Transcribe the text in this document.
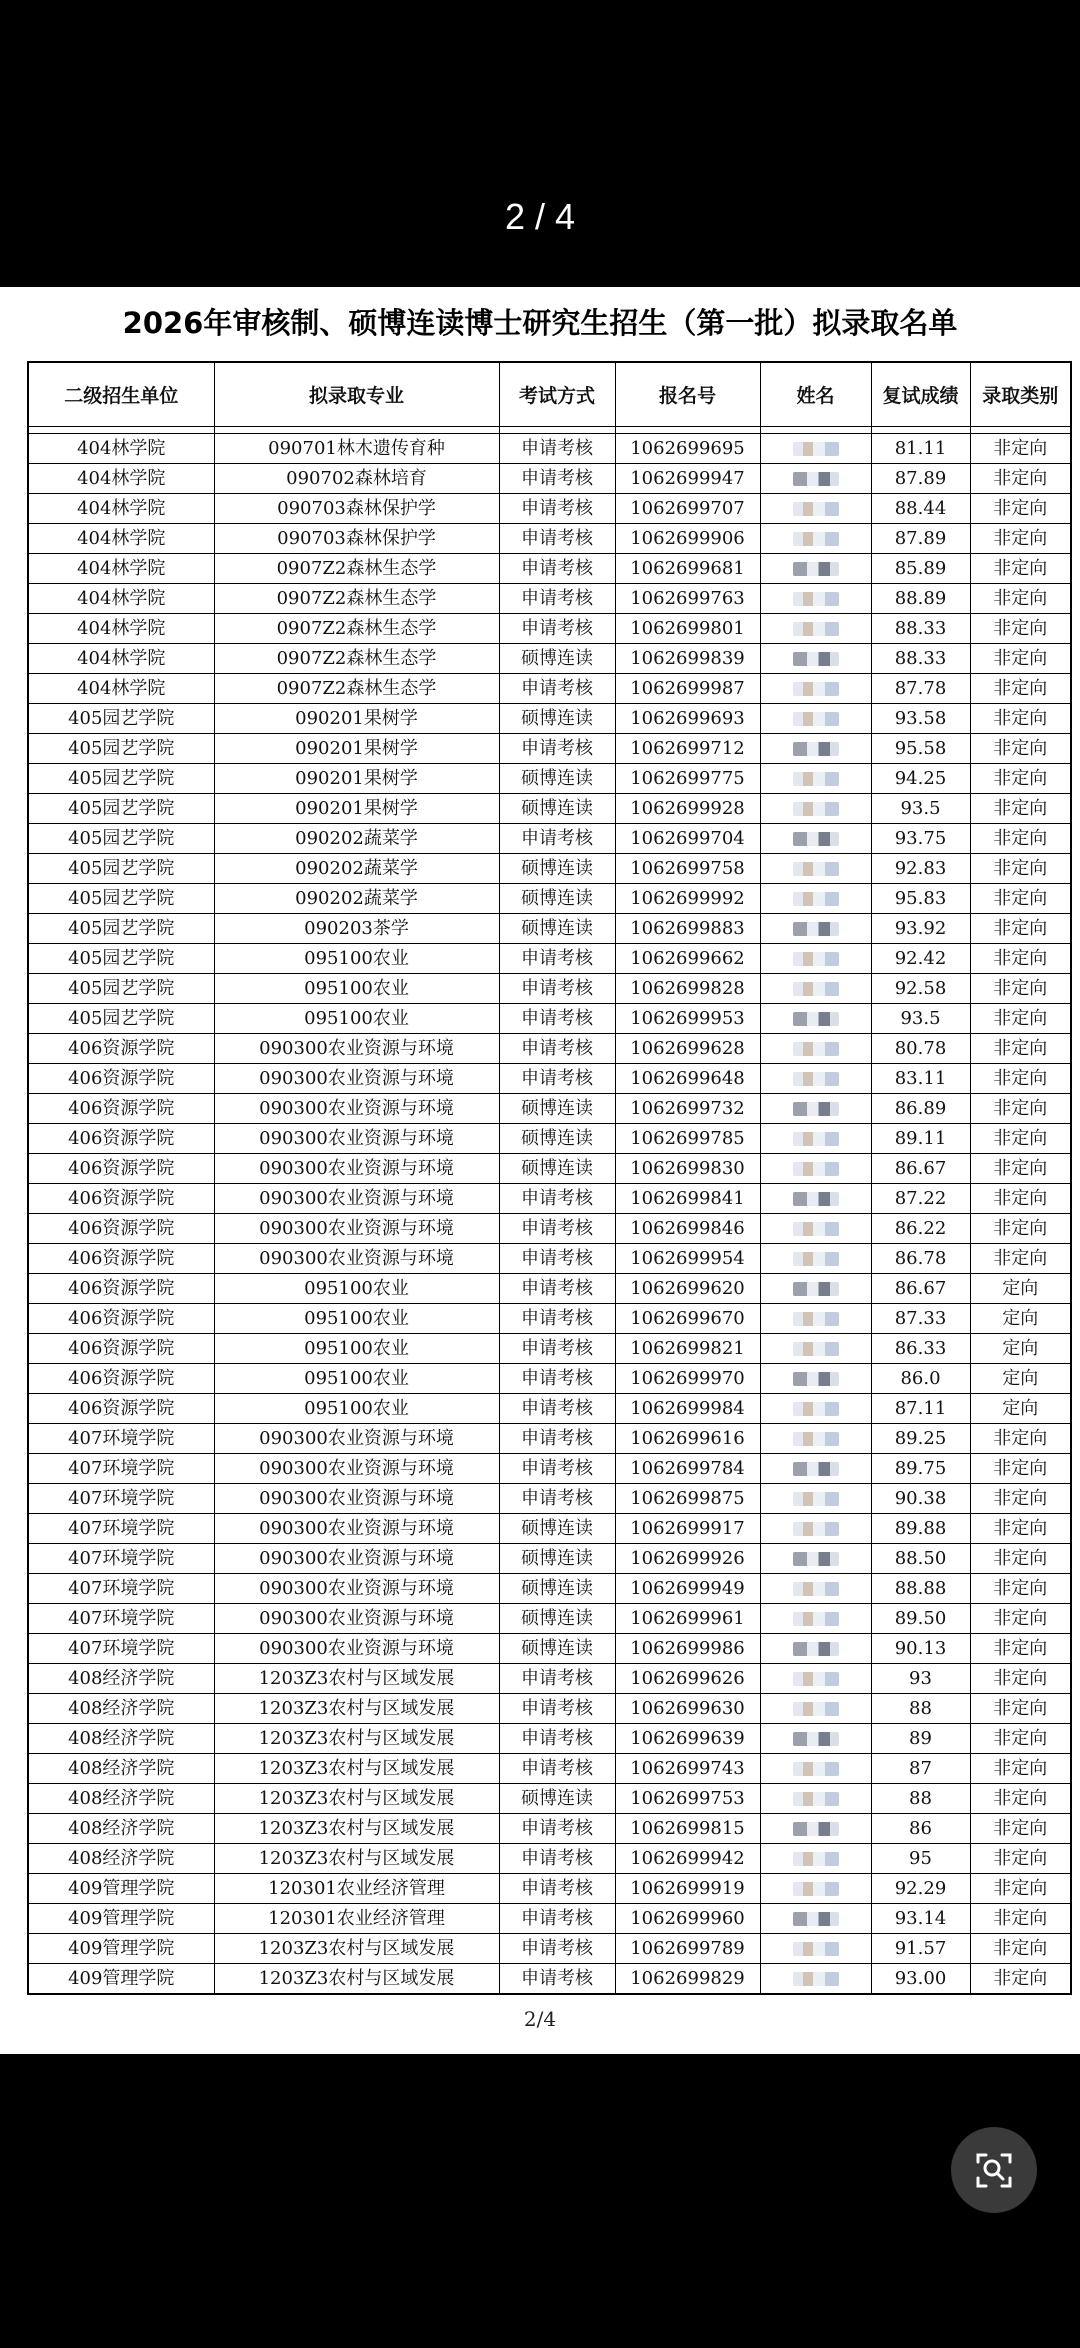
2 / 4
2026年审核制、硕博连读博士研究生招生（第一批）拟录取名单
二级招生单位	拟录取专业	考试方式	报名号	姓名	复试成绩	录取类别

404林学院	090701林木遗传育种	申请考核	1062699695		81.11	非定向
404林学院	090702森林培育	申请考核	1062699947		87.89	非定向
404林学院	090703森林保护学	申请考核	1062699707		88.44	非定向
404林学院	090703森林保护学	申请考核	1062699906		87.89	非定向
404林学院	0907Z2森林生态学	申请考核	1062699681		85.89	非定向
404林学院	0907Z2森林生态学	申请考核	1062699763		88.89	非定向
404林学院	0907Z2森林生态学	申请考核	1062699801		88.33	非定向
404林学院	0907Z2森林生态学	硕博连读	1062699839		88.33	非定向
404林学院	0907Z2森林生态学	申请考核	1062699987		87.78	非定向
405园艺学院	090201果树学	硕博连读	1062699693		93.58	非定向
405园艺学院	090201果树学	申请考核	1062699712		95.58	非定向
405园艺学院	090201果树学	硕博连读	1062699775		94.25	非定向
405园艺学院	090201果树学	硕博连读	1062699928		93.5	非定向
405园艺学院	090202蔬菜学	申请考核	1062699704		93.75	非定向
405园艺学院	090202蔬菜学	硕博连读	1062699758		92.83	非定向
405园艺学院	090202蔬菜学	硕博连读	1062699992		95.83	非定向
405园艺学院	090203茶学	硕博连读	1062699883		93.92	非定向
405园艺学院	095100农业	申请考核	1062699662		92.42	非定向
405园艺学院	095100农业	申请考核	1062699828		92.58	非定向
405园艺学院	095100农业	申请考核	1062699953		93.5	非定向
406资源学院	090300农业资源与环境	申请考核	1062699628		80.78	非定向
406资源学院	090300农业资源与环境	申请考核	1062699648		83.11	非定向
406资源学院	090300农业资源与环境	硕博连读	1062699732		86.89	非定向
406资源学院	090300农业资源与环境	硕博连读	1062699785		89.11	非定向
406资源学院	090300农业资源与环境	硕博连读	1062699830		86.67	非定向
406资源学院	090300农业资源与环境	申请考核	1062699841		87.22	非定向
406资源学院	090300农业资源与环境	申请考核	1062699846		86.22	非定向
406资源学院	090300农业资源与环境	申请考核	1062699954		86.78	非定向
406资源学院	095100农业	申请考核	1062699620		86.67	定向
406资源学院	095100农业	申请考核	1062699670		87.33	定向
406资源学院	095100农业	申请考核	1062699821		86.33	定向
406资源学院	095100农业	申请考核	1062699970		86.0	定向
406资源学院	095100农业	申请考核	1062699984		87.11	定向
407环境学院	090300农业资源与环境	申请考核	1062699616		89.25	非定向
407环境学院	090300农业资源与环境	申请考核	1062699784		89.75	非定向
407环境学院	090300农业资源与环境	申请考核	1062699875		90.38	非定向
407环境学院	090300农业资源与环境	硕博连读	1062699917		89.88	非定向
407环境学院	090300农业资源与环境	硕博连读	1062699926		88.50	非定向
407环境学院	090300农业资源与环境	硕博连读	1062699949		88.88	非定向
407环境学院	090300农业资源与环境	硕博连读	1062699961		89.50	非定向
407环境学院	090300农业资源与环境	硕博连读	1062699986		90.13	非定向
408经济学院	1203Z3农村与区域发展	申请考核	1062699626		93	非定向
408经济学院	1203Z3农村与区域发展	申请考核	1062699630		88	非定向
408经济学院	1203Z3农村与区域发展	申请考核	1062699639		89	非定向
408经济学院	1203Z3农村与区域发展	申请考核	1062699743		87	非定向
408经济学院	1203Z3农村与区域发展	硕博连读	1062699753		88	非定向
408经济学院	1203Z3农村与区域发展	申请考核	1062699815		86	非定向
408经济学院	1203Z3农村与区域发展	申请考核	1062699942		95	非定向
409管理学院	120301农业经济管理	申请考核	1062699919		92.29	非定向
409管理学院	120301农业经济管理	申请考核	1062699960		93.14	非定向
409管理学院	1203Z3农村与区域发展	申请考核	1062699789		91.57	非定向
409管理学院	1203Z3农村与区域发展	申请考核	1062699829		93.00	非定向
2/4
